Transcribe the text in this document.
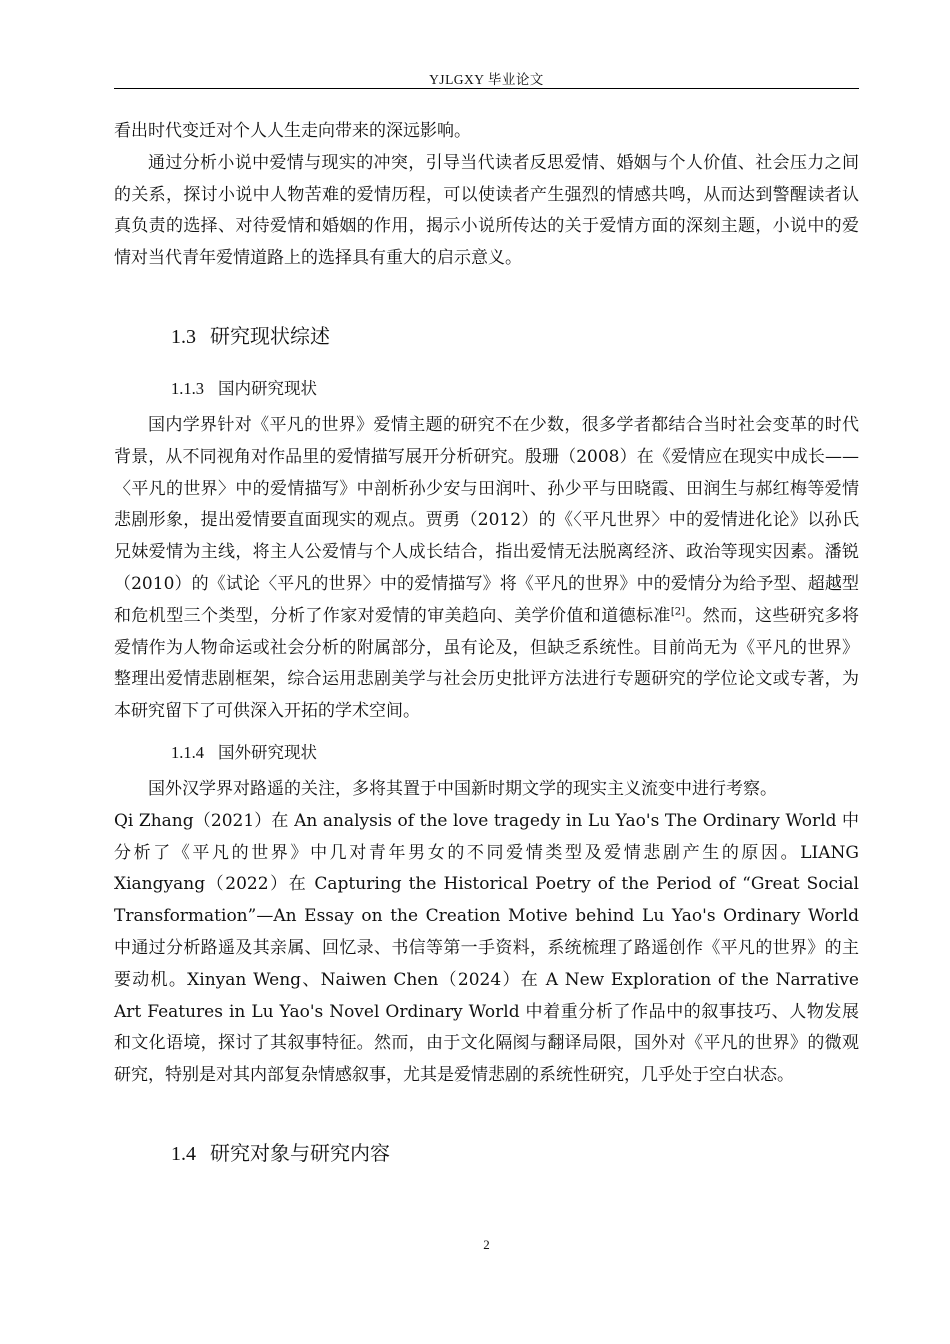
YJLGXY 毕业论文

看出时代变迁对个人人生走向带来的深远影响。

通过分析小说中爱情与现实的冲突，引导当代读者反思爱情、婚姻与个人价值、社会压力之间的关系，探讨小说中人物苦难的爱情历程，可以使读者产生强烈的情感共鸣，从而达到警醒读者认真负责的选择、对待爱情和婚姻的作用，揭示小说所传达的关于爱情方面的深刻主题，小说中的爱情对当代青年爱情道路上的选择具有重大的启示意义。

1.3 研究现状综述
1.1.3 国内研究现状

国内学界针对《平凡的世界》爱情主题的研究不在少数，很多学者都结合当时社会变革的时代背景，从不同视角对作品里的爱情描写展开分析研究。殷珊（2008）在《爱情应在现实中成长——〈平凡的世界〉中的爱情描写》中剖析孙少安与田润叶、孙少平与田晓霞、田润生与郝红梅等爱情悲剧形象，提出爱情要直面现实的观点。贾勇（2012）的《〈平凡世界〉中的爱情进化论》以孙氏兄妹爱情为主线，将主人公爱情与个人成长结合，指出爱情无法脱离经济、政治等现实因素。潘锐（2010）的《试论〈平凡的世界〉中的爱情描写》将《平凡的世界》中的爱情分为给予型、超越型和危机型三个类型，分析了作家对爱情的审美趋向、美学价值和道德标准[2]。然而，这些研究多将爱情作为人物命运或社会分析的附属部分，虽有论及，但缺乏系统性。目前尚无为《平凡的世界》整理出爱情悲剧框架，综合运用悲剧美学与社会历史批评方法进行专题研究的学位论文或专著，为本研究留下了可供深入开拓的学术空间。

1.1.4 国外研究现状

国外汉学界对路遥的关注，多将其置于中国新时期文学的现实主义流变中进行考察。

Qi Zhang（2021）在 An analysis of the love tragedy in Lu Yao's The Ordinary World 中分析了《平凡的世界》中几对青年男女的不同爱情类型及爱情悲剧产生的原因。LIANG Xiangyang（2022）在 Capturing the Historical Poetry of the Period of “Great Social Transformation”—An Essay on the Creation Motive behind Lu Yao's Ordinary World 中通过分析路遥及其亲属、回忆录、书信等第一手资料，系统梳理了路遥创作《平凡的世界》的主要动机。Xinyan Weng、Naiwen Chen（2024）在 A New Exploration of the Narrative Art Features in Lu Yao's Novel Ordinary World 中着重分析了作品中的叙事技巧、人物发展和文化语境，探讨了其叙事特征。然而，由于文化隔阂与翻译局限，国外对《平凡的世界》的微观研究，特别是对其内部复杂情感叙事，尤其是爱情悲剧的系统性研究，几乎处于空白状态。

1.4 研究对象与研究内容
2
